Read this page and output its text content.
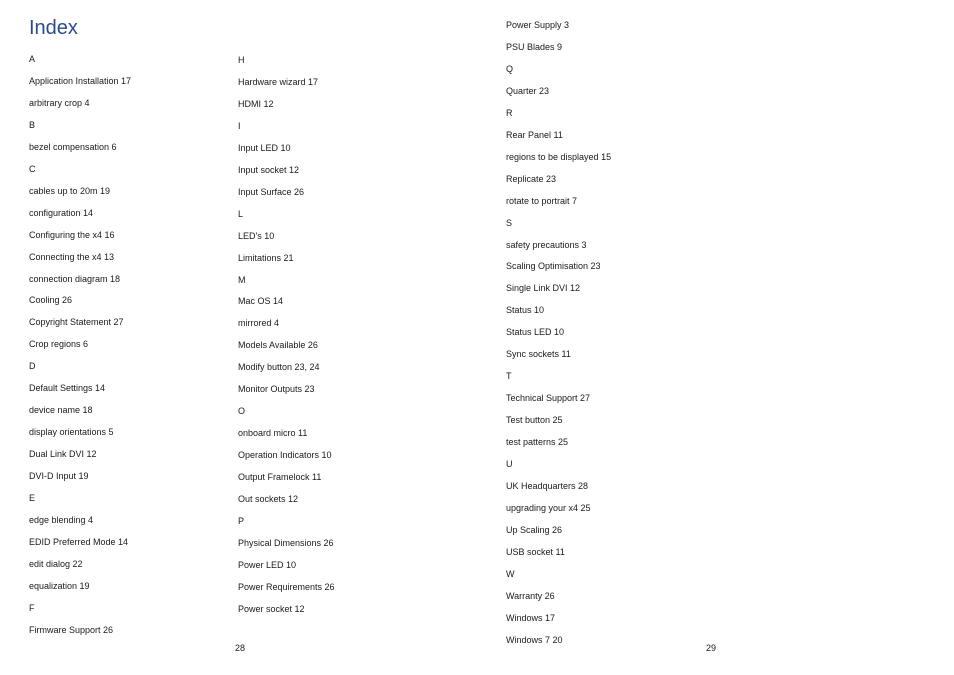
Index
A
Application Installation 17
arbitrary crop 4
B
bezel compensation 6
C
cables up to 20m 19
configuration 14
Configuring the x4 16
Connecting the x4 13
connection diagram 18
Cooling 26
Copyright Statement 27
Crop regions 6
D
Default Settings 14
device name 18
display orientations 5
Dual Link DVI 12
DVI-D Input 19
E
edge blending 4
EDID Preferred Mode 14
edit dialog 22
equalization 19
F
Firmware Support 26
H
Hardware wizard 17
HDMI 12
I
Input LED 10
Input socket 12
Input Surface 26
L
LED's 10
Limitations 21
M
Mac OS 14
mirrored 4
Models Available 26
Modify button 23, 24
Monitor Outputs 23
O
onboard micro 11
Operation Indicators 10
Output Framelock 11
Out sockets 12
P
Physical Dimensions 26
Power LED 10
Power Requirements 26
Power socket 12
Power Supply 3
PSU Blades 9
Q
Quarter 23
R
Rear Panel 11
regions to be displayed 15
Replicate 23
rotate to portrait 7
S
safety precautions 3
Scaling Optimisation 23
Single Link DVI 12
Status 10
Status LED 10
Sync sockets 11
T
Technical Support 27
Test button 25
test patterns 25
U
UK Headquarters 28
upgrading your x4 25
Up Scaling 26
USB socket 11
W
Warranty 26
Windows 17
Windows 7 20
28	29
